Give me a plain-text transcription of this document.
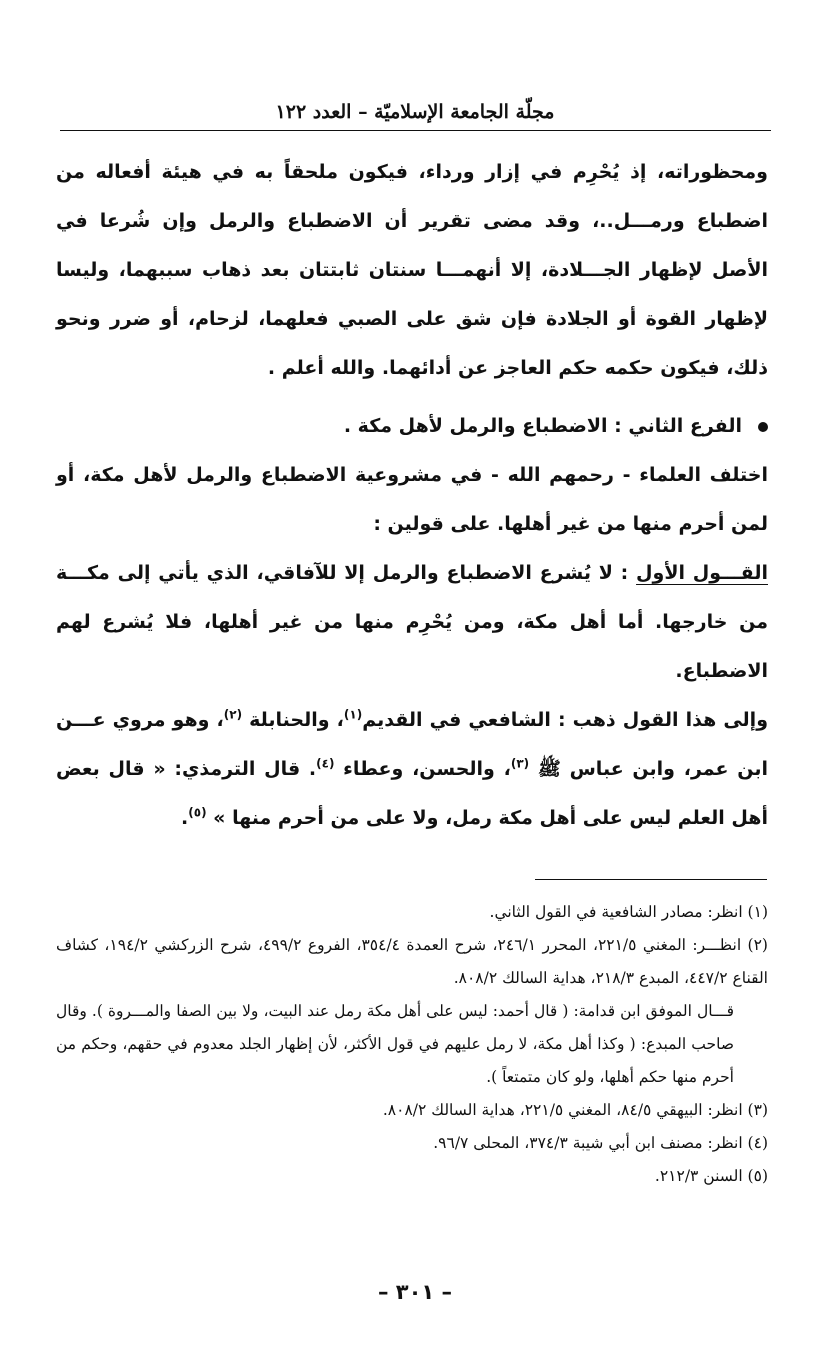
مجلّة الجامعة الإسلاميّة – العدد ١٢٢

ومحظوراته، إذ يُحْرِم في إزار ورداء، فيكون ملحقاً به في هيئة أفعاله من اضطباع ورمـــل..، وقد مضى تقرير أن الاضطباع والرمل وإن شُرعا في الأصل لإظهار الجـــلادة، إلا أنهمـــا سنتان ثابتتان بعد ذهاب سببهما، وليسا لإظهار القوة أو الجلادة فإن شق على الصبي فعلهما، لزحام، أو ضرر ونحو ذلك، فيكون حكمه حكم العاجز عن أدائهما. والله أعلم .

الفرع الثاني : الاضطباع والرمل لأهل مكة .

اختلف العلماء - رحمهم الله - في مشروعية الاضطباع والرمل لأهل مكة، أو لمن أحرم منها من غير أهلها. على قولين :

القـــول الأول : لا يُشرع الاضطباع والرمل إلا للآفاقي، الذي يأتي إلى مكـــة من خارجها. أما أهل مكة، ومن يُحْرِم منها من غير أهلها، فلا يُشرع لهم الاضطباع.

وإلى هذا القول ذهب : الشافعي في القديم$^{(١)}$، والحنابلة $^{(٢)}$، وهو مروي عـــن ابن عمر، وابن عباس ﷺ $^{(٣)}$، والحسن، وعطاء $^{(٤)}$. قال الترمذي: « قال بعض أهل العلم ليس على أهل مكة رمل، ولا على من أحرم منها » $^{(٥)}$.

(١) انظر: مصادر الشافعية في القول الثاني.

(٢) انظـــر: المغني ٢٢١/٥، المحرر ٢٤٦/١، شرح العمدة ٣٥٤/٤، الفروع ٤٩٩/٢، شرح الزركشي ١٩٤/٢، كشاف القناع ٤٤٧/٢، المبدع ٢١٨/٣، هداية السالك ٨٠٨/٢.

قـــال الموفق ابن قدامة: ( قال أحمد: ليس على أهل مكة رمل عند البيت، ولا بين الصفا والمـــروة ). وقال صاحب المبدع: ( وكذا أهل مكة، لا رمل عليهم في قول الأكثر، لأن إظهار الجلد معدوم في حقهم، وحكم من أحرم منها حكم أهلها، ولو كان متمتعاً ).

(٣) انظر: البيهقي ٨٤/٥، المغني ٢٢١/٥، هداية السالك ٨٠٨/٢.

(٤) انظر: مصنف ابن أبي شيبة ٣٧٤/٣، المحلى ٩٦/٧.

(٥) السنن ٢١٢/٣.

– ٣٠١ –
